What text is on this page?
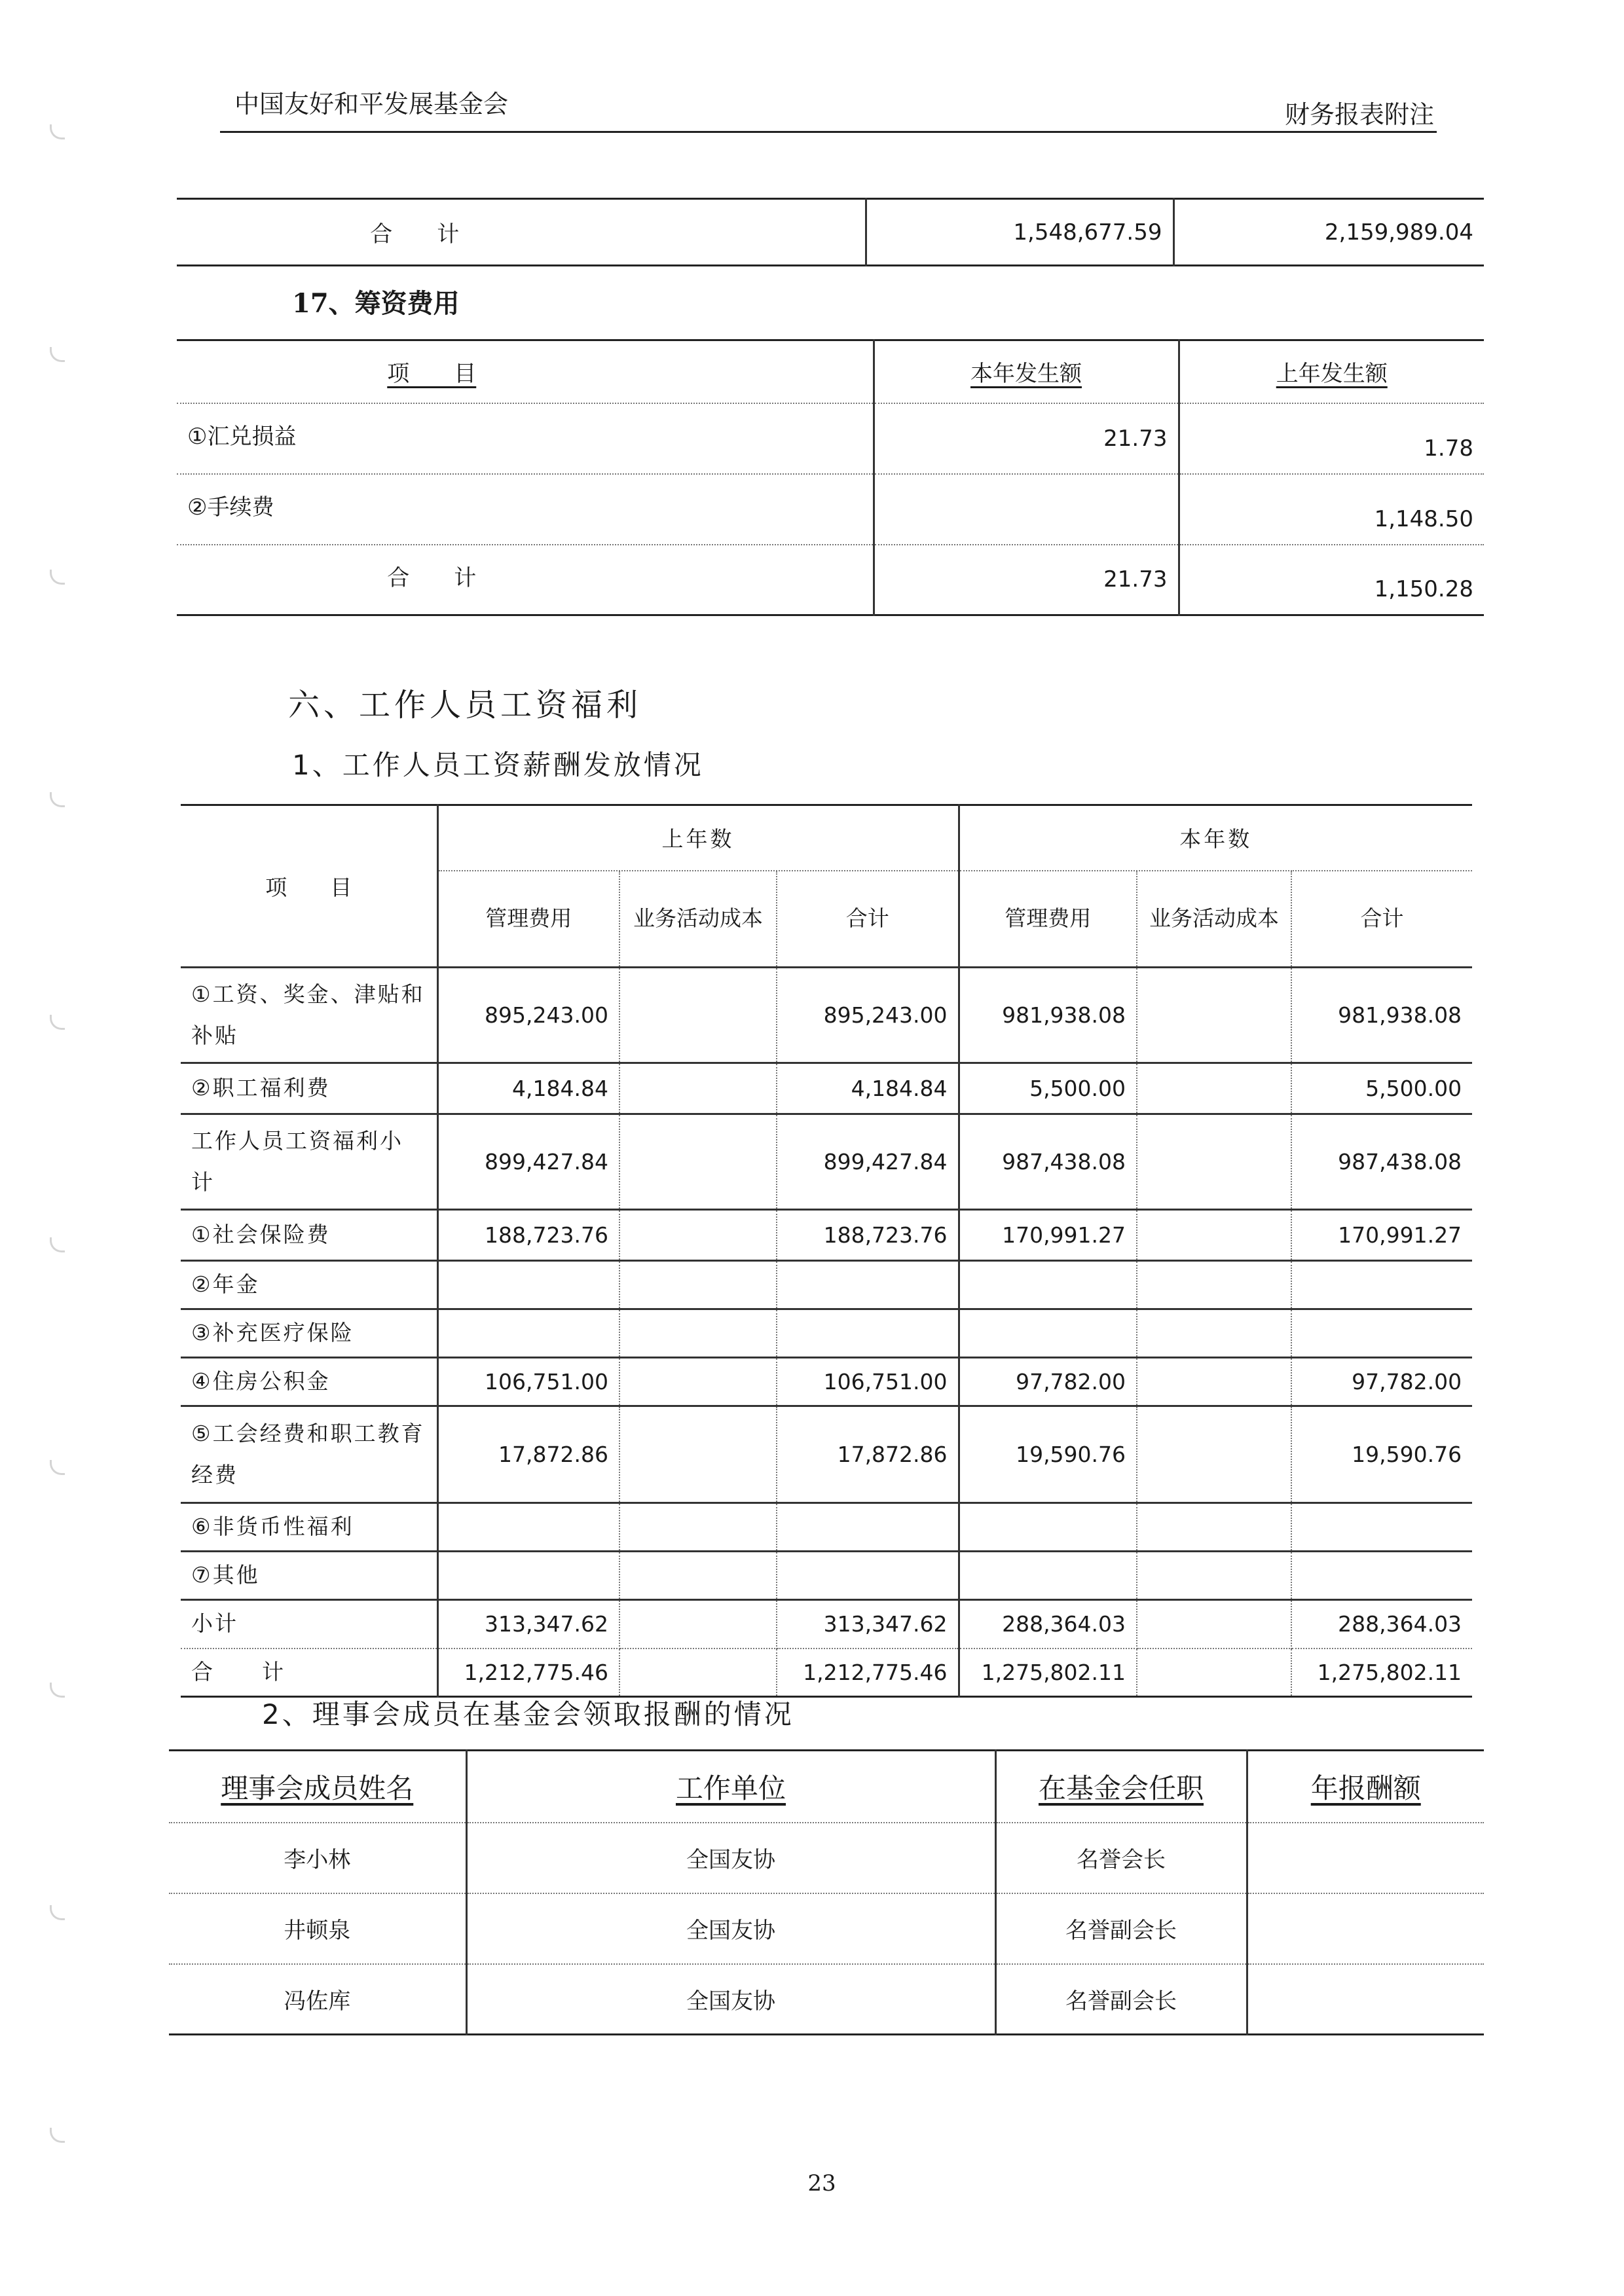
中国友好和平发展基金会	财务报表附注
合　　计	1,548,677.59	2,159,989.04
17、筹资费用
项　　目	本年发生额	上年发生额
①汇兑损益	21.73	1.78
②手续费		1,148.50
合　　计	21.73	1,150.28
六、工作人员工资福利
1、工作人员工资薪酬发放情况
项　　目	上年数			本年数		
	管理费用	业务活动成本	合计	管理费用	业务活动成本	合计
①工资、奖金、津贴和补贴	895,243.00		895,243.00	981,938.08		981,938.08
②职工福利费	4,184.84		4,184.84	5,500.00		5,500.00
工作人员工资福利小计	899,427.84		899,427.84	987,438.08		987,438.08
①社会保险费	188,723.76		188,723.76	170,991.27		170,991.27
②年金						
③补充医疗保险						
④住房公积金	106,751.00		106,751.00	97,782.00		97,782.00
⑤工会经费和职工教育经费	17,872.86		17,872.86	19,590.76		19,590.76
⑥非货币性福利						
⑦其他						
小计	313,347.62		313,347.62	288,364.03		288,364.03
合　　计	1,212,775.46		1,212,775.46	1,275,802.11		1,275,802.11
2、理事会成员在基金会领取报酬的情况
理事会成员姓名	工作单位	在基金会任职	年报酬额
李小林	全国友协	名誉会长	
井顿泉	全国友协	名誉副会长	
冯佐库	全国友协	名誉副会长	
23
